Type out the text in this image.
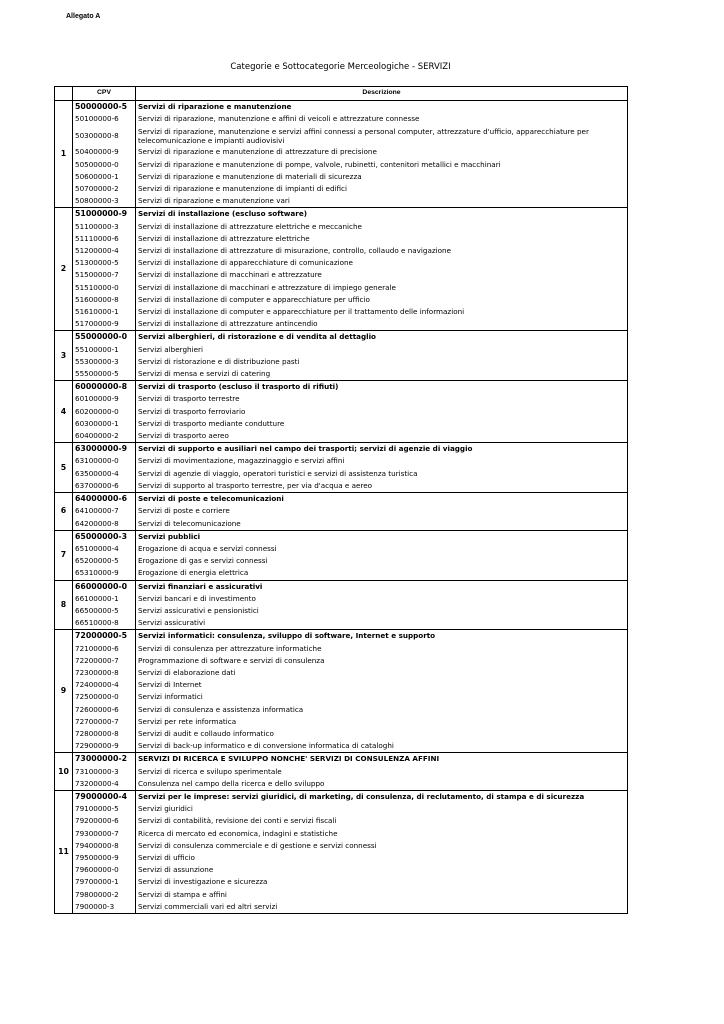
Allegato A
Categorie e Sottocategorie Merceologiche - SERVIZI
	CPV	Descrizione
1	50000000-5	Servizi di riparazione e manutenzione
	50100000-6	Servizi di riparazione, manutenzione e affini di veicoli e attrezzature connesse
	50300000-8	Servizi di riparazione, manutenzione e servizi affini connessi a personal computer, attrezzature d'ufficio, apparecchiature per telecomunicazione e impianti audiovisivi
	50400000-9	Servizi di riparazione e manutenzione di attrezzature di precisione
	50500000-0	Servizi di riparazione e manutenzione di pompe, valvole, rubinetti, contenitori metallici e macchinari
	50600000-1	Servizi di riparazione e manutenzione di materiali di sicurezza
	50700000-2	Servizi di riparazione e manutenzione di impianti di edifici
	50800000-3	Servizi di riparazione e manutenzione vari
2	51000000-9	Servizi di installazione (escluso software)
	51100000-3	Servizi di installazione di attrezzature elettriche e meccaniche
	51110000-6	Servizi di installazione di attrezzature elettriche
	51200000-4	Servizi di installazione di attrezzature di misurazione, controllo, collaudo e navigazione
	51300000-5	Servizi di installazione di apparecchiature di comunicazione
	51500000-7	Servizi di installazione di macchinari e attrezzature
	51510000-0	Servizi di installazione di macchinari e attrezzature di impiego generale
	51600000-8	Servizi di installazione di computer e apparecchiature per ufficio
	51610000-1	Servizi di installazione di computer e apparecchiature per il trattamento delle informazioni
	51700000-9	Servizi di installazione di attrezzature antincendio
3	55000000-0	Servizi alberghieri, di ristorazione e di vendita al dettaglio
	55100000-1	Servizi alberghieri
	55300000-3	Servizi di ristorazione e di distribuzione pasti
	55500000-5	Servizi di mensa e servizi di catering
4	60000000-8	Servizi di trasporto (escluso il trasporto di rifiuti)
	60100000-9	Servizi di trasporto terrestre
	60200000-0	Servizi di trasporto ferroviario
	60300000-1	Servizi di trasporto mediante condutture
	60400000-2	Servizi di trasporto aereo
5	63000000-9	Servizi di supporto e ausiliari nel campo dei trasporti; servizi di agenzie di viaggio
	63100000-0	Servizi di movimentazione, magazzinaggio e servizi affini
	63500000-4	Servizi di agenzie di viaggio, operatori turistici e servizi di assistenza turistica
	63700000-6	Servizi di supporto al trasporto terrestre, per via d'acqua e aereo
6	64000000-6	Servizi di poste e telecomunicazioni
	64100000-7	Servizi di poste e corriere
	64200000-8	Servizi di telecomunicazione
7	65000000-3	Servizi pubblici
	65100000-4	Erogazione di acqua e servizi connessi
	65200000-5	Erogazione di gas e servizi connessi
	65310000-9	Erogazione di energia elettrica
8	66000000-0	Servizi finanziari e assicurativi
	66100000-1	Servizi bancari e di investimento
	66500000-5	Servizi assicurativi e pensionistici
	66510000-8	Servizi assicurativi
9	72000000-5	Servizi informatici: consulenza, sviluppo di software, Internet e supporto
	72100000-6	Servizi di consulenza per attrezzature informatiche
	72200000-7	Programmazione di software e servizi di consulenza
	72300000-8	Servizi di elaborazione dati
	72400000-4	Servizi di Internet
	72500000-0	Servizi informatici
	72600000-6	Servizi di consulenza e assistenza informatica
	72700000-7	Servizi per rete informatica
	72800000-8	Servizi di audit e collaudo informatico
	72900000-9	Servizi di back-up informatico e di conversione informatica di cataloghi
10	73000000-2	SERVIZI DI RICERCA E SVILUPPO NONCHE' SERVIZI DI CONSULENZA AFFINI
	73100000-3	Servizi di ricerca e svilupo sperimentale
	73200000-4	Consulenza nel campo della ricerca e dello sviluppo
11	79000000-4	Servizi per le imprese: servizi giuridici, di marketing, di consulenza, di reclutamento, di stampa e di sicurezza
	79100000-5	Servizi giuridici
	79200000-6	Servizi di contabilità, revisione dei conti e servizi fiscali
	79300000-7	Ricerca di mercato ed economica, indagini e statistiche
	79400000-8	Servizi di consulenza commerciale e di gestione e servizi connessi
	79500000-9	Servizi di ufficio
	79600000-0	Servizi di assunzione
	79700000-1	Servizi di investigazione e sicurezza
	79800000-2	Servizi di stampa e affini
	7900000-3	Servizi commerciali vari ed altri servizi
